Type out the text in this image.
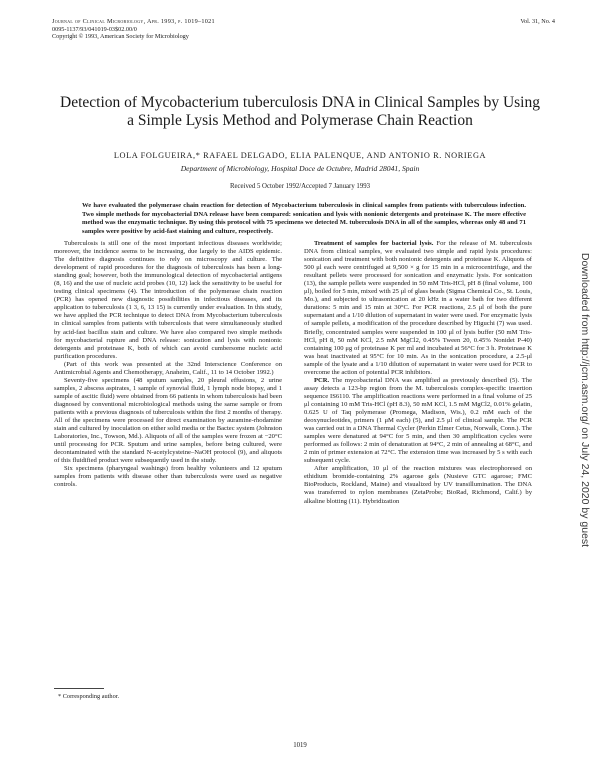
Journal of Clinical Microbiology, Apr. 1993, p. 1019–1021
0095-1137/93/041019-03$02.00/0
Copyright © 1993, American Society for Microbiology
Vol. 31, No. 4
Detection of Mycobacterium tuberculosis DNA in Clinical Samples by Using a Simple Lysis Method and Polymerase Chain Reaction
LOLA FOLGUEIRA,* RAFAEL DELGADO, ELIA PALENQUE, AND ANTONIO R. NORIEGA
Department of Microbiology, Hospital Doce de Octubre, Madrid 28041, Spain
Received 5 October 1992/Accepted 7 January 1993
We have evaluated the polymerase chain reaction for detection of Mycobacterium tuberculosis in clinical samples from patients with tuberculous infection. Two simple methods for mycobacterial DNA release have been compared: sonication and lysis with nonionic detergents and proteinase K. The more effective method was the enzymatic technique. By using this protocol with 75 specimens we detected M. tuberculosis DNA in all of the samples, whereas only 48 and 71 samples were positive by acid-fast staining and culture, respectively.

Tuberculosis is still one of the most important infectious diseases worldwide; moreover, the incidence seems to be increasing, due largely to the AIDS epidemic. The definitive diagnosis continues to rely on microscopy and culture. The development of rapid procedures for the diagnosis of tuberculosis has been a long-standing goal; however, both the immunological detection of mycobacterial antigens (8, 16) and the use of nucleic acid probes (10, 12) lack the sensitivity to be useful for testing clinical specimens (4). The introduction of the polymerase chain reaction (PCR) has opened new diagnostic possibilities in infectious diseases, and its application to tuberculosis (1 3, 6, 13 15) is currently under evaluation. In this study, we have applied the PCR technique to detect DNA from Mycobacterium tuberculosis in clinical samples from patients with tuberculosis that were simultaneously studied by acid-fast bacillus stain and culture. We have also compared two simple methods for mycobacterial rupture and DNA release: sonication and lysis with nonionic detergents and proteinase K, both of which can avoid cumbersome nucleic acid purification procedures.

(Part of this work was presented at the 32nd Interscience Conference on Antimicrobial Agents and Chemotherapy, Anaheim, Calif., 11 to 14 October 1992.)

Seventy-five specimens (48 sputum samples, 20 pleural effusions, 2 urine samples, 2 abscess aspirates, 1 sample of synovial fluid, 1 lymph node biopsy, and 1 sample of ascitic fluid) were obtained from 66 patients in whom tuberculosis had been diagnosed by conventional microbiological methods using the same sample or from patients with a previous diagnosis of tuberculosis within the first 2 months of therapy. All of the specimens were processed for direct examination by auramine-rhodamine stain and cultured by inoculation on either solid media or the Bactec system (Johnston Laboratories, Inc., Towson, Md.). Aliquots of all of the samples were frozen at −20°C until processing for PCR. Sputum and urine samples, before being cultured, were decontaminated with the standard N-acetylcysteine–NaOH protocol (9), and aliquots of this fluidified product were subsequently used in the study.

Six specimens (pharyngeal washings) from healthy volunteers and 12 sputum samples from patients with disease other than tuberculosis were used as negative controls.

Treatment of samples for bacterial lysis. For the release of M. tuberculosis DNA from clinical samples, we evaluated two simple and rapid lysis procedures: sonication and treatment with both nonionic detergents and proteinase K. Aliquots of 500 μl each were centrifuged at 9,500 × g for 15 min in a microcentrifuge, and the resultant pellets were processed for sonication and enzymatic lysis. For sonication (13), the sample pellets were suspended in 50 mM Tris-HCl, pH 8 (final volume, 100 μl), boiled for 5 min, mixed with 25 μl of glass beads (Sigma Chemical Co., St. Louis, Mo.), and subjected to ultrasonication at 20 kHz in a water bath for two different durations: 5 min and 15 min at 30°C. For PCR reactions, 2.5 μl of both the pure supernatant and a 1/10 dilution of supernatant in water were used. For enzymatic lysis of sample pellets, a modification of the procedure described by Higuchi (7) was used. Briefly, concentrated samples were suspended in 100 μl of lysis buffer (50 mM Tris-HCl, pH 8, 50 mM KCl, 2.5 mM MgCl2, 0.45% Tween 20, 0.45% Nonidet P-40) containing 100 μg of proteinase K per ml and incubated at 56°C for 3 h. Proteinase K was heat inactivated at 95°C for 10 min. As in the sonication procedure, a 2.5-μl sample of the lysate and a 1/10 dilution of supernatant in water were used for PCR to overcome the action of potential PCR inhibitors.

PCR. The mycobacterial DNA was amplified as previously described (5). The assay detects a 123-bp region from the M. tuberculosis complex-specific insertion sequence IS6110. The amplification reactions were performed in a final volume of 25 μl containing 10 mM Tris-HCl (pH 8.3), 50 mM KCl, 1.5 mM MgCl2, 0.01% gelatin, 0.625 U of Taq polymerase (Promega, Madison, Wis.), 0.2 mM each of the deoxynucleotides, primers (1 μM each) (5), and 2.5 μl of clinical sample. The PCR was carried out in a DNA Thermal Cycler (Perkin Elmer Cetus, Norwalk, Conn.). The samples were denatured at 94°C for 5 min, and then 30 amplification cycles were performed as follows: 2 min of denaturation at 94°C, 2 min of annealing at 68°C, and 2 min of primer extension at 72°C. The extension time was increased by 5 s with each subsequent cycle.

After amplification, 10 μl of the reaction mixtures was electrophoresed on ethidium bromide-containing 2% agarose gels (Nusieve GTC agarose; FMC BioProducts, Rockland, Maine) and visualized by UV transillumination. The DNA was transferred to nylon membranes (ZetaProbe; BioRad, Richmond, Calif.) by alkaline blotting (11). Hybridization

* Corresponding author.
1019
Downloaded from http://jcm.asm.org/ on July 24, 2020 by guest
